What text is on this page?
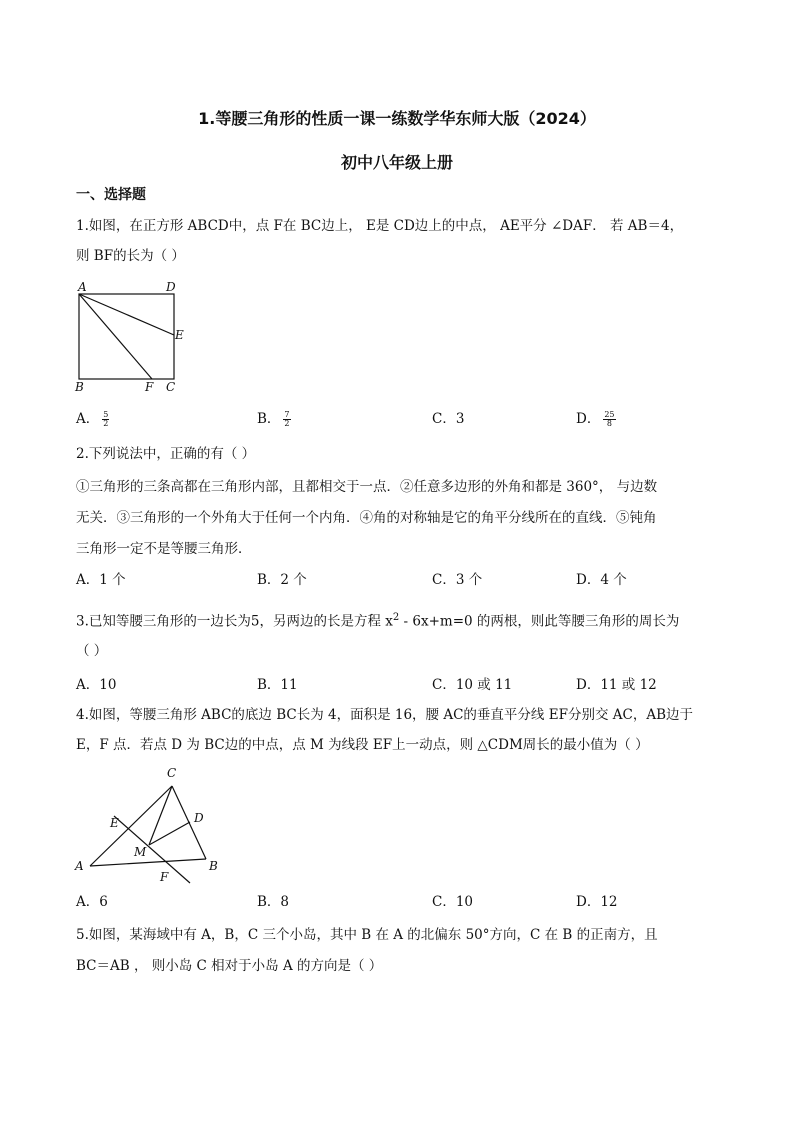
1.等腰三角形的性质一课一练数学华东师大版（2024）
初中八年级上册
一、选择题
1.如图，在正方形 ABCD中，点 F在 BC边上， E是 CD边上的中点， AE平分 ∠DAF． 若 AB＝4，
则 BF的长为（ ）
A	D
E
B	F C
A． $\frac{5}{2}$	B． $\frac{7}{2}$	C．3	D． $\frac{25}{8}$
2.下列说法中，正确的有（ ）
①三角形的三条高都在三角形内部，且都相交于一点．②任意多边形的外角和都是 360°， 与边数
无关．③三角形的一个外角大于任何一个内角．④角的对称轴是它的角平分线所在的直线．⑤钝角
三角形一定不是等腰三角形．
A．1 个	B．2 个	C．3 个	D．4 个
3.已知等腰三角形的一边长为5，另两边的长是方程 $x^2 - 6x+m=0$ 的两根，则此等腰三角形的周长为
（ ）
A．10	B．11	C．10 或 11	D．11 或 12
4.如图，等腰三角形 ABC的底边 BC长为 4，面积是 16，腰 AC的垂直平分线 EF分别交 AC，AB边于
E，F 点．若点 D 为 BC边的中点，点 M 为线段 EF上一动点，则 △CDM周长的最小值为（ ）
C
E	D
M
A
F
B
A．6	B．8	C．10	D．12
5.如图，某海域中有 A，B，C 三个小岛，其中 B 在 A 的北偏东 50°方向，C 在 B 的正南方，且
BC＝AB ， 则小岛 C 相对于小岛 A 的方向是（ ）
